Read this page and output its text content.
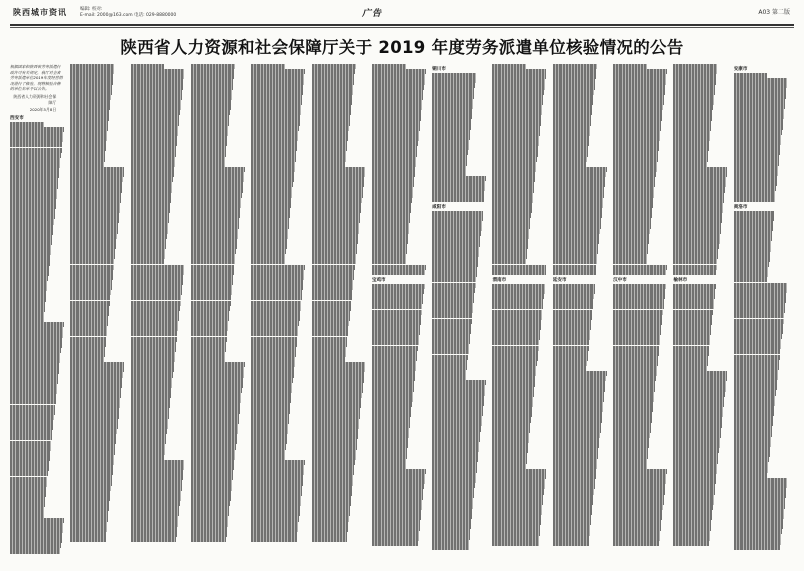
陕西城市资讯	编辑: 校对:
E-mail: 2000@163.com 电话: 029-8880000	广告	A03 第二版
陕西省人力资源和社会保障厅关于 2019 年度劳务派遣单位核验情况的公告
根据国家和陕西省劳务派遣行政许可有关规定，我厅对全省劳务派遣单位2019年度经营情况进行了核验，现将核验合格的单位名单予以公告。
陕西省人力资源和社会保障厅
2020年5月8日
西安市
宝鸡市
铜川市
咸阳市
渭南市	延安市	汉中市	榆林市
安康市
商洛市
